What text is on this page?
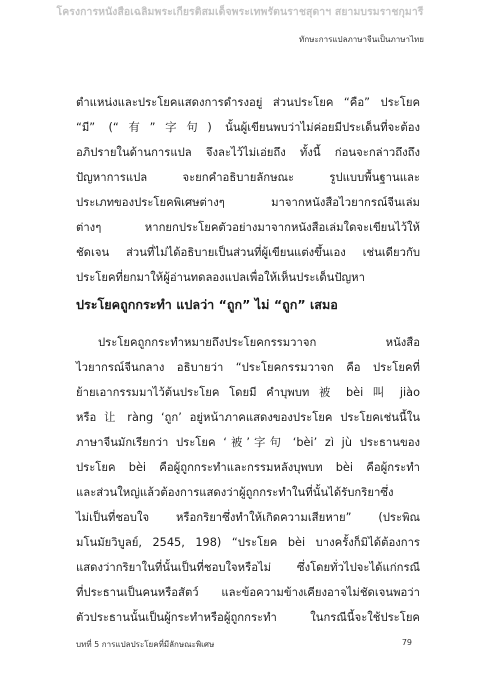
โครงการหนังสือเฉลิมพระเกียรติสมเด็จพระเทพรัตนราชสุดาฯ สยามบรมราชกุมารี
ทักษะการแปลภาษาจีนเป็นภาษาไทย

ตำแหน่งและประโยคแสดงการดำรงอยู่ ส่วนประโยค “คือ” ประโยค
“มี” (“有”字句) นั้นผู้เขียนพบว่าไม่ค่อยมีประเด็นที่จะต้อง
อภิปรายในด้านการแปล จึงละไว้ไม่เอ่ยถึง ทั้งนี้ ก่อนจะกล่าวถึงถึง
ปัญหาการแปล จะยกคำอธิบายลักษณะ รูปแบบพื้นฐานและ
ประเภทของประโยคพิเศษต่างๆ มาจากหนังสือไวยากรณ์จีนเล่ม
ต่างๆ หากยกประโยคตัวอย่างมาจากหนังสือเล่มใดจะเขียนไว้ให้
ชัดเจน ส่วนที่ไม่ได้อธิบายเป็นส่วนที่ผู้เขียนแต่งขึ้นเอง เช่นเดียวกับ
ประโยคที่ยกมาให้ผู้อ่านทดลองแปลเพื่อให้เห็นประเด็นปัญหา

ประโยคถูกกระทำ แปลว่า “ถูก” ไม่ “ถูก” เสมอ

ประโยคถูกกระทำหมายถึงประโยคกรรมวาจก หนังสือ
ไวยากรณ์จีนกลาง อธิบายว่า “ประโยคกรรมวาจก คือ ประโยคที่
ย้ายเอากรรมมาไว้ต้นประโยค โดยมี คำบุพบท 被 bèi 叫 jiào
หรือ 让 ràng ‘ถูก’ อยู่หน้าภาคแสดงของประโยค ประโยคเช่นนี้ใน
ภาษาจีนมักเรียกว่า ประโยค ‘被’字句 ‘bèi’ zì jù ประธานของ
ประโยค bèi คือผู้ถูกกระทำและกรรมหลังบุพบท bèi คือผู้กระทำ
และส่วนใหญ่แล้วต้องการแสดงว่าผู้ถูกกระทำในที่นั้นได้รับกริยาซึ่ง
ไม่เป็นที่ชอบใจ หรือกริยาซึ่งทำให้เกิดความเสียหาย” (ประพิณ
มโนมัยวิบูลย์, 2545, 198) “ประโยค bèi บางครั้งก็มิได้ต้องการ
แสดงว่ากริยาในที่นั้นเป็นที่ชอบใจหรือไม่ ซึ่งโดยทั่วไปจะได้แก่กรณี
ที่ประธานเป็นคนหรือสัตว์ และข้อความข้างเคียงอาจไม่ชัดเจนพอว่า
ตัวประธานนั้นเป็นผู้กระทำหรือผู้ถูกกระทำ ในกรณีนี้จะใช้ประโยค

บทที่ 5 การแปลประโยคที่มีลักษณะพิเศษ	79
